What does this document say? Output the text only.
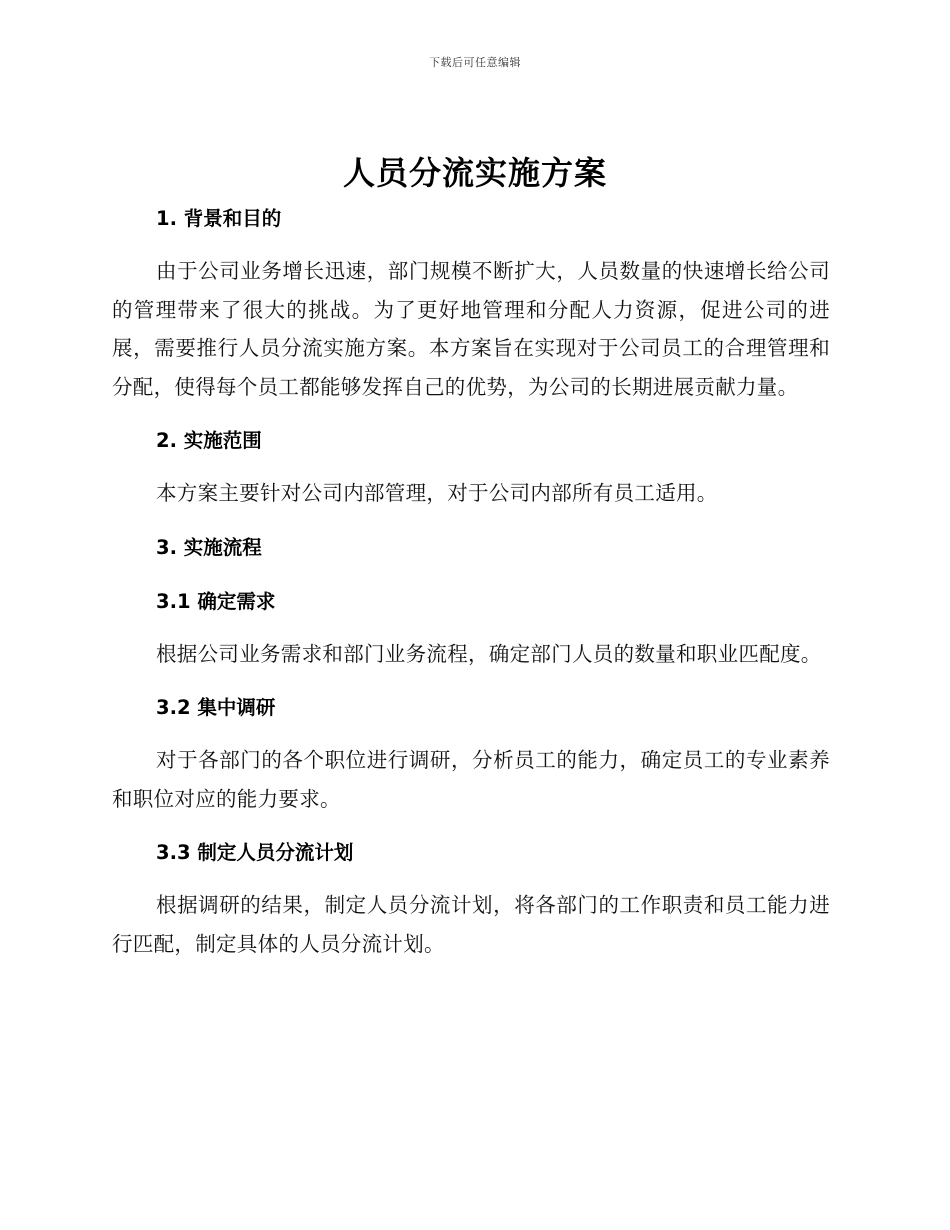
下载后可任意编辑
人员分流实施方案
1. 背景和目的

由于公司业务增长迅速，部门规模不断扩大，人员数量的快速增长给公司的管理带来了很大的挑战。为了更好地管理和分配人力资源，促进公司的进展，需要推行人员分流实施方案。本方案旨在实现对于公司员工的合理管理和分配，使得每个员工都能够发挥自己的优势，为公司的长期进展贡献力量。

2. 实施范围

本方案主要针对公司内部管理，对于公司内部所有员工适用。

3. 实施流程
3.1 确定需求

根据公司业务需求和部门业务流程，确定部门人员的数量和职业匹配度。

3.2 集中调研

对于各部门的各个职位进行调研，分析员工的能力，确定员工的专业素养和职位对应的能力要求。

3.3 制定人员分流计划

根据调研的结果，制定人员分流计划，将各部门的工作职责和员工能力进行匹配，制定具体的人员分流计划。
